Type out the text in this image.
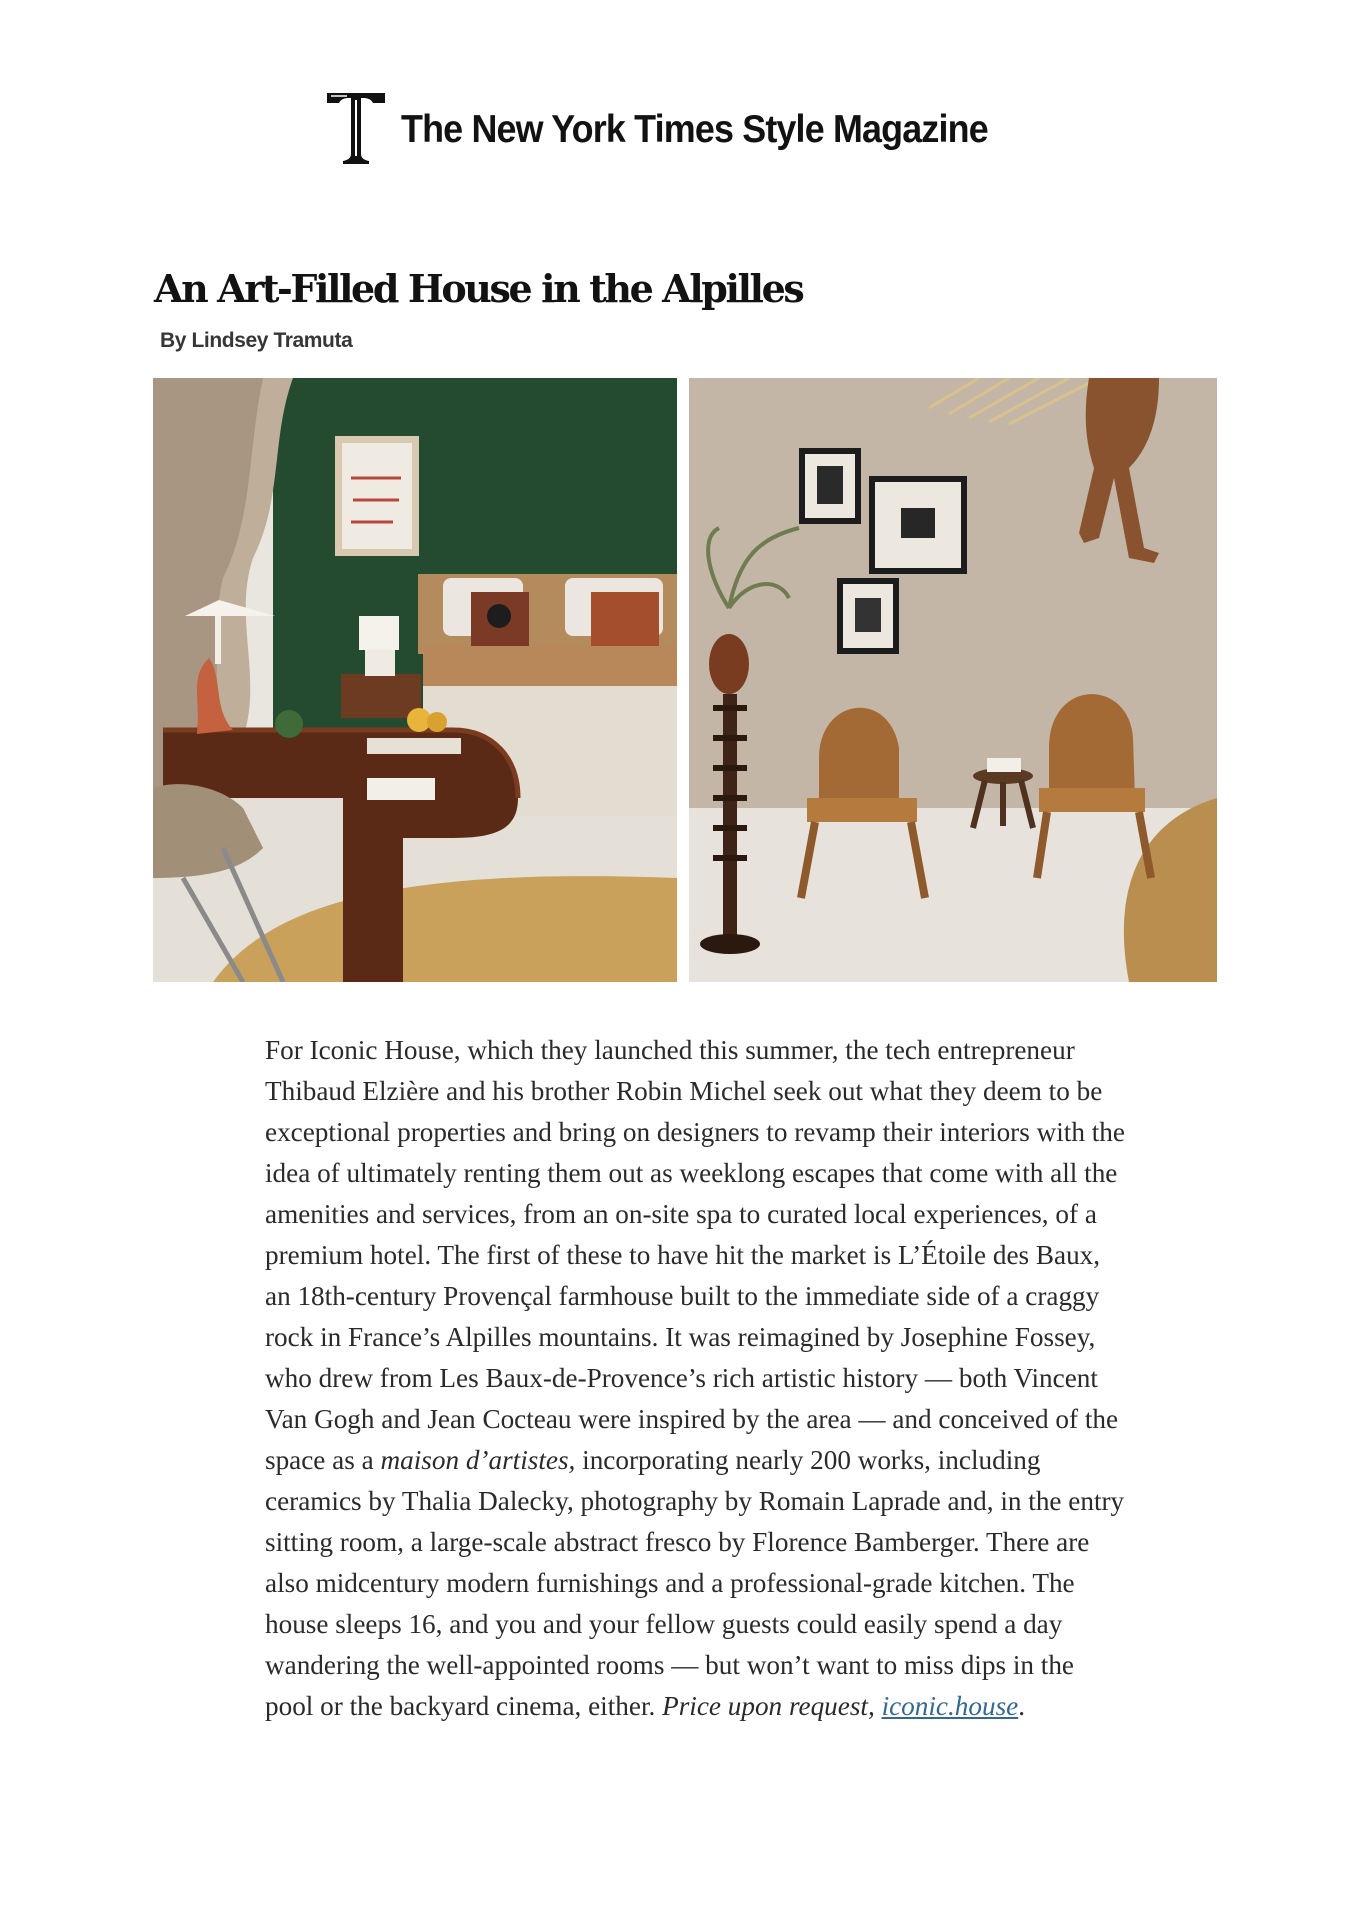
The New York Times Style Magazine
An Art-Filled House in the Alpilles
By Lindsey Tramuta

For Iconic House, which they launched this summer, the tech entrepreneur Thibaud Elzière and his brother Robin Michel seek out what they deem to be exceptional properties and bring on designers to revamp their interiors with the idea of ultimately renting them out as weeklong escapes that come with all the amenities and services, from an on-site spa to curated local experiences, of a premium hotel. The first of these to have hit the market is L’Étoile des Baux, an 18th-century Provençal farmhouse built to the immediate side of a craggy rock in France’s Alpilles mountains. It was reimagined by Josephine Fossey, who drew from Les Baux-de-Provence’s rich artistic history — both Vincent Van Gogh and Jean Cocteau were inspired by the area — and conceived of the space as a maison d’artistes, incorporating nearly 200 works, including ceramics by Thalia Dalecky, photography by Romain Laprade and, in the entry sitting room, a large-scale abstract fresco by Florence Bamberger. There are also midcentury modern furnishings and a professional-grade kitchen. The house sleeps 16, and you and your fellow guests could easily spend a day wandering the well-appointed rooms — but won’t want to miss dips in the pool or the backyard cinema, either. Price upon request, iconic.house.
